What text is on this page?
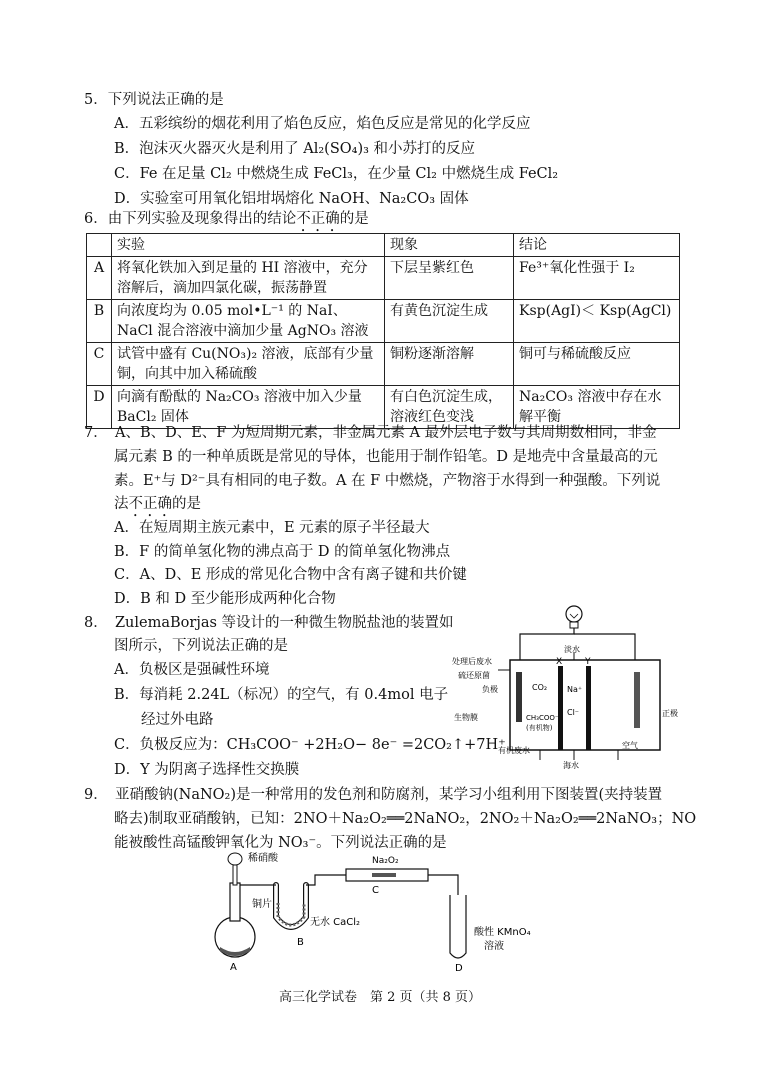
5．下列说法正确的是
A．五彩缤纷的烟花利用了焰色反应，焰色反应是常见的化学反应
B．泡沫灭火器灭火是利用了 Al₂(SO₄)₃ 和小苏打的反应
C．Fe 在足量 Cl₂ 中燃烧生成 FeCl₃，在少量 Cl₂ 中燃烧生成 FeCl₂
D．实验室可用氧化铝坩埚熔化 NaOH、Na₂CO₃ 固体
6．由下列实验及现象得出的结论不正确的是
	实验	现象	结论
A	将氧化铁加入到足量的 HI 溶液中，充分溶解后，滴加四氯化碳，振荡静置	下层呈紫红色	Fe³⁺氧化性强于 I₂
B	向浓度均为 0.05 mol•L⁻¹ 的 NaI、NaCl 混合溶液中滴加少量 AgNO₃ 溶液	有黄色沉淀生成	Ksp(AgI)＜ Ksp(AgCl)
C	试管中盛有 Cu(NO₃)₂ 溶液，底部有少量铜，向其中加入稀硫酸	铜粉逐渐溶解	铜可与稀硫酸反应
D	向滴有酚酞的 Na₂CO₃ 溶液中加入少量 BaCl₂ 固体	有白色沉淀生成，溶液红色变浅	Na₂CO₃ 溶液中存在水解平衡
7．　A、B、D、E、F 为短周期元素，非金属元素 A 最外层电子数与其周期数相同，非金
属元素 B 的一种单质既是常见的导体，也能用于制作铅笔。D 是地壳中含量最高的元
素。E⁺与 D²⁻具有相同的电子数。A 在 F 中燃烧，产物溶于水得到一种强酸。下列说
法不正确的是
A．在短周期主族元素中，E 元素的原子半径最大
B．F 的简单氢化物的沸点高于 D 的简单氢化物沸点
C．A、D、E 形成的常见化合物中含有离子键和共价键
D．B 和 D 至少能形成两种化合物
8．　ZulemaBorjas 等设计的一种微生物脱盐池的装置如
图所示，下列说法正确的是
A．负极区是强碱性环境
B．每消耗 2.24L（标况）的空气，有 0.4mol 电子
经过外电路
C．负极反应为：CH₃COO⁻ +2H₂O− 8e⁻ =2CO₂↑+7H⁺
D．Y 为阴离子选择性交换膜
处理后废水
硫还原菌
负极
生物膜
CO₂
CH₃COO⁻
(有机物)
有机废水
X	Y
淡水
Na⁺
Cl⁻
海水
空气
正极
9．　亚硝酸钠(NaNO₂)是一种常用的发色剂和防腐剂，某学习小组利用下图装置(夹持装置
略去)制取亚硝酸钠，已知：2NO＋Na₂O₂══2NaNO₂，2NO₂＋Na₂O₂══2NaNO₃；NO
能被酸性高锰酸钾氧化为 NO₃⁻。下列说法正确的是
稀硝酸
铜片
A
B
无水 CaCl₂
Na₂O₂
C
酸性 KMnO₄
溶液
D
高三化学试卷　第 2 页（共 8 页）
